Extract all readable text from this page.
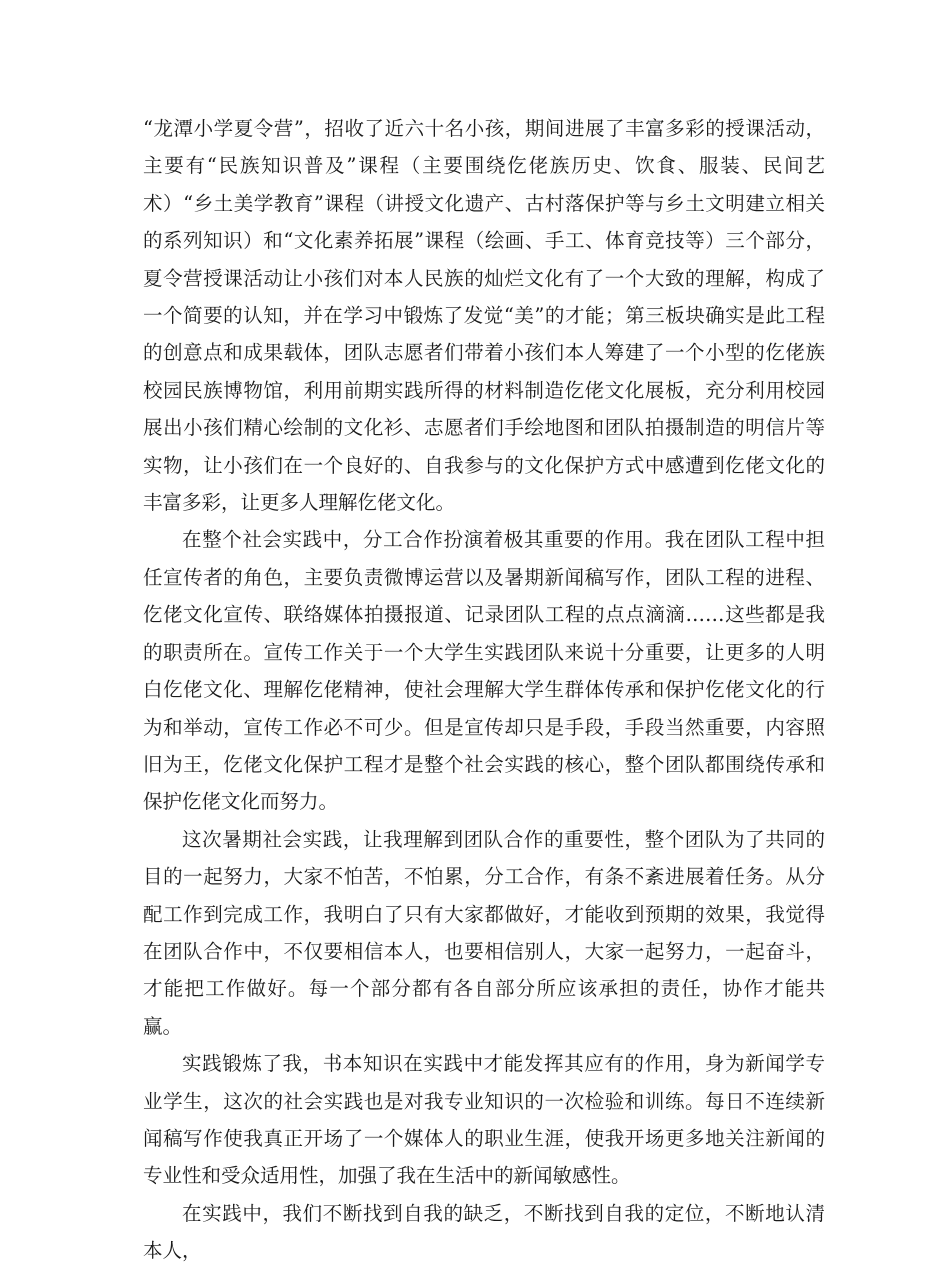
“龙潭小学夏令营”，招收了近六十名小孩，期间进展了丰富多彩的授课活动，主要有“民族知识普及”课程（主要围绕仡佬族历史、饮食、服装、民间艺术）“乡土美学教育”课程（讲授文化遗产、古村落保护等与乡土文明建立相关的系列知识）和“文化素养拓展”课程（绘画、手工、体育竞技等）三个部分，夏令营授课活动让小孩们对本人民族的灿烂文化有了一个大致的理解，构成了一个简要的认知，并在学习中锻炼了发觉“美”的才能；第三板块确实是此工程的创意点和成果载体，团队志愿者们带着小孩们本人筹建了一个小型的仡佬族校园民族博物馆，利用前期实践所得的材料制造仡佬文化展板，充分利用校园展出小孩们精心绘制的文化衫、志愿者们手绘地图和团队拍摄制造的明信片等实物，让小孩们在一个良好的、自我参与的文化保护方式中感遭到仡佬文化的丰富多彩，让更多人理解仡佬文化。

在整个社会实践中，分工合作扮演着极其重要的作用。我在团队工程中担任宣传者的角色，主要负责微博运营以及暑期新闻稿写作，团队工程的进程、仡佬文化宣传、联络媒体拍摄报道、记录团队工程的点点滴滴……这些都是我的职责所在。宣传工作关于一个大学生实践团队来说十分重要，让更多的人明白仡佬文化、理解仡佬精神，使社会理解大学生群体传承和保护仡佬文化的行为和举动，宣传工作必不可少。但是宣传却只是手段，手段当然重要，内容照旧为王，仡佬文化保护工程才是整个社会实践的核心，整个团队都围绕传承和保护仡佬文化而努力。

这次暑期社会实践，让我理解到团队合作的重要性，整个团队为了共同的目的一起努力，大家不怕苦，不怕累，分工合作，有条不紊进展着任务。从分配工作到完成工作，我明白了只有大家都做好，才能收到预期的效果，我觉得在团队合作中，不仅要相信本人，也要相信别人，大家一起努力，一起奋斗，才能把工作做好。每一个部分都有各自部分所应该承担的责任，协作才能共赢。

实践锻炼了我，书本知识在实践中才能发挥其应有的作用，身为新闻学专业学生，这次的社会实践也是对我专业知识的一次检验和训练。每日不连续新闻稿写作使我真正开场了一个媒体人的职业生涯，使我开场更多地关注新闻的专业性和受众适用性，加强了我在生活中的新闻敏感性。

在实践中，我们不断找到自我的缺乏，不断找到自我的定位，不断地认清本人，
